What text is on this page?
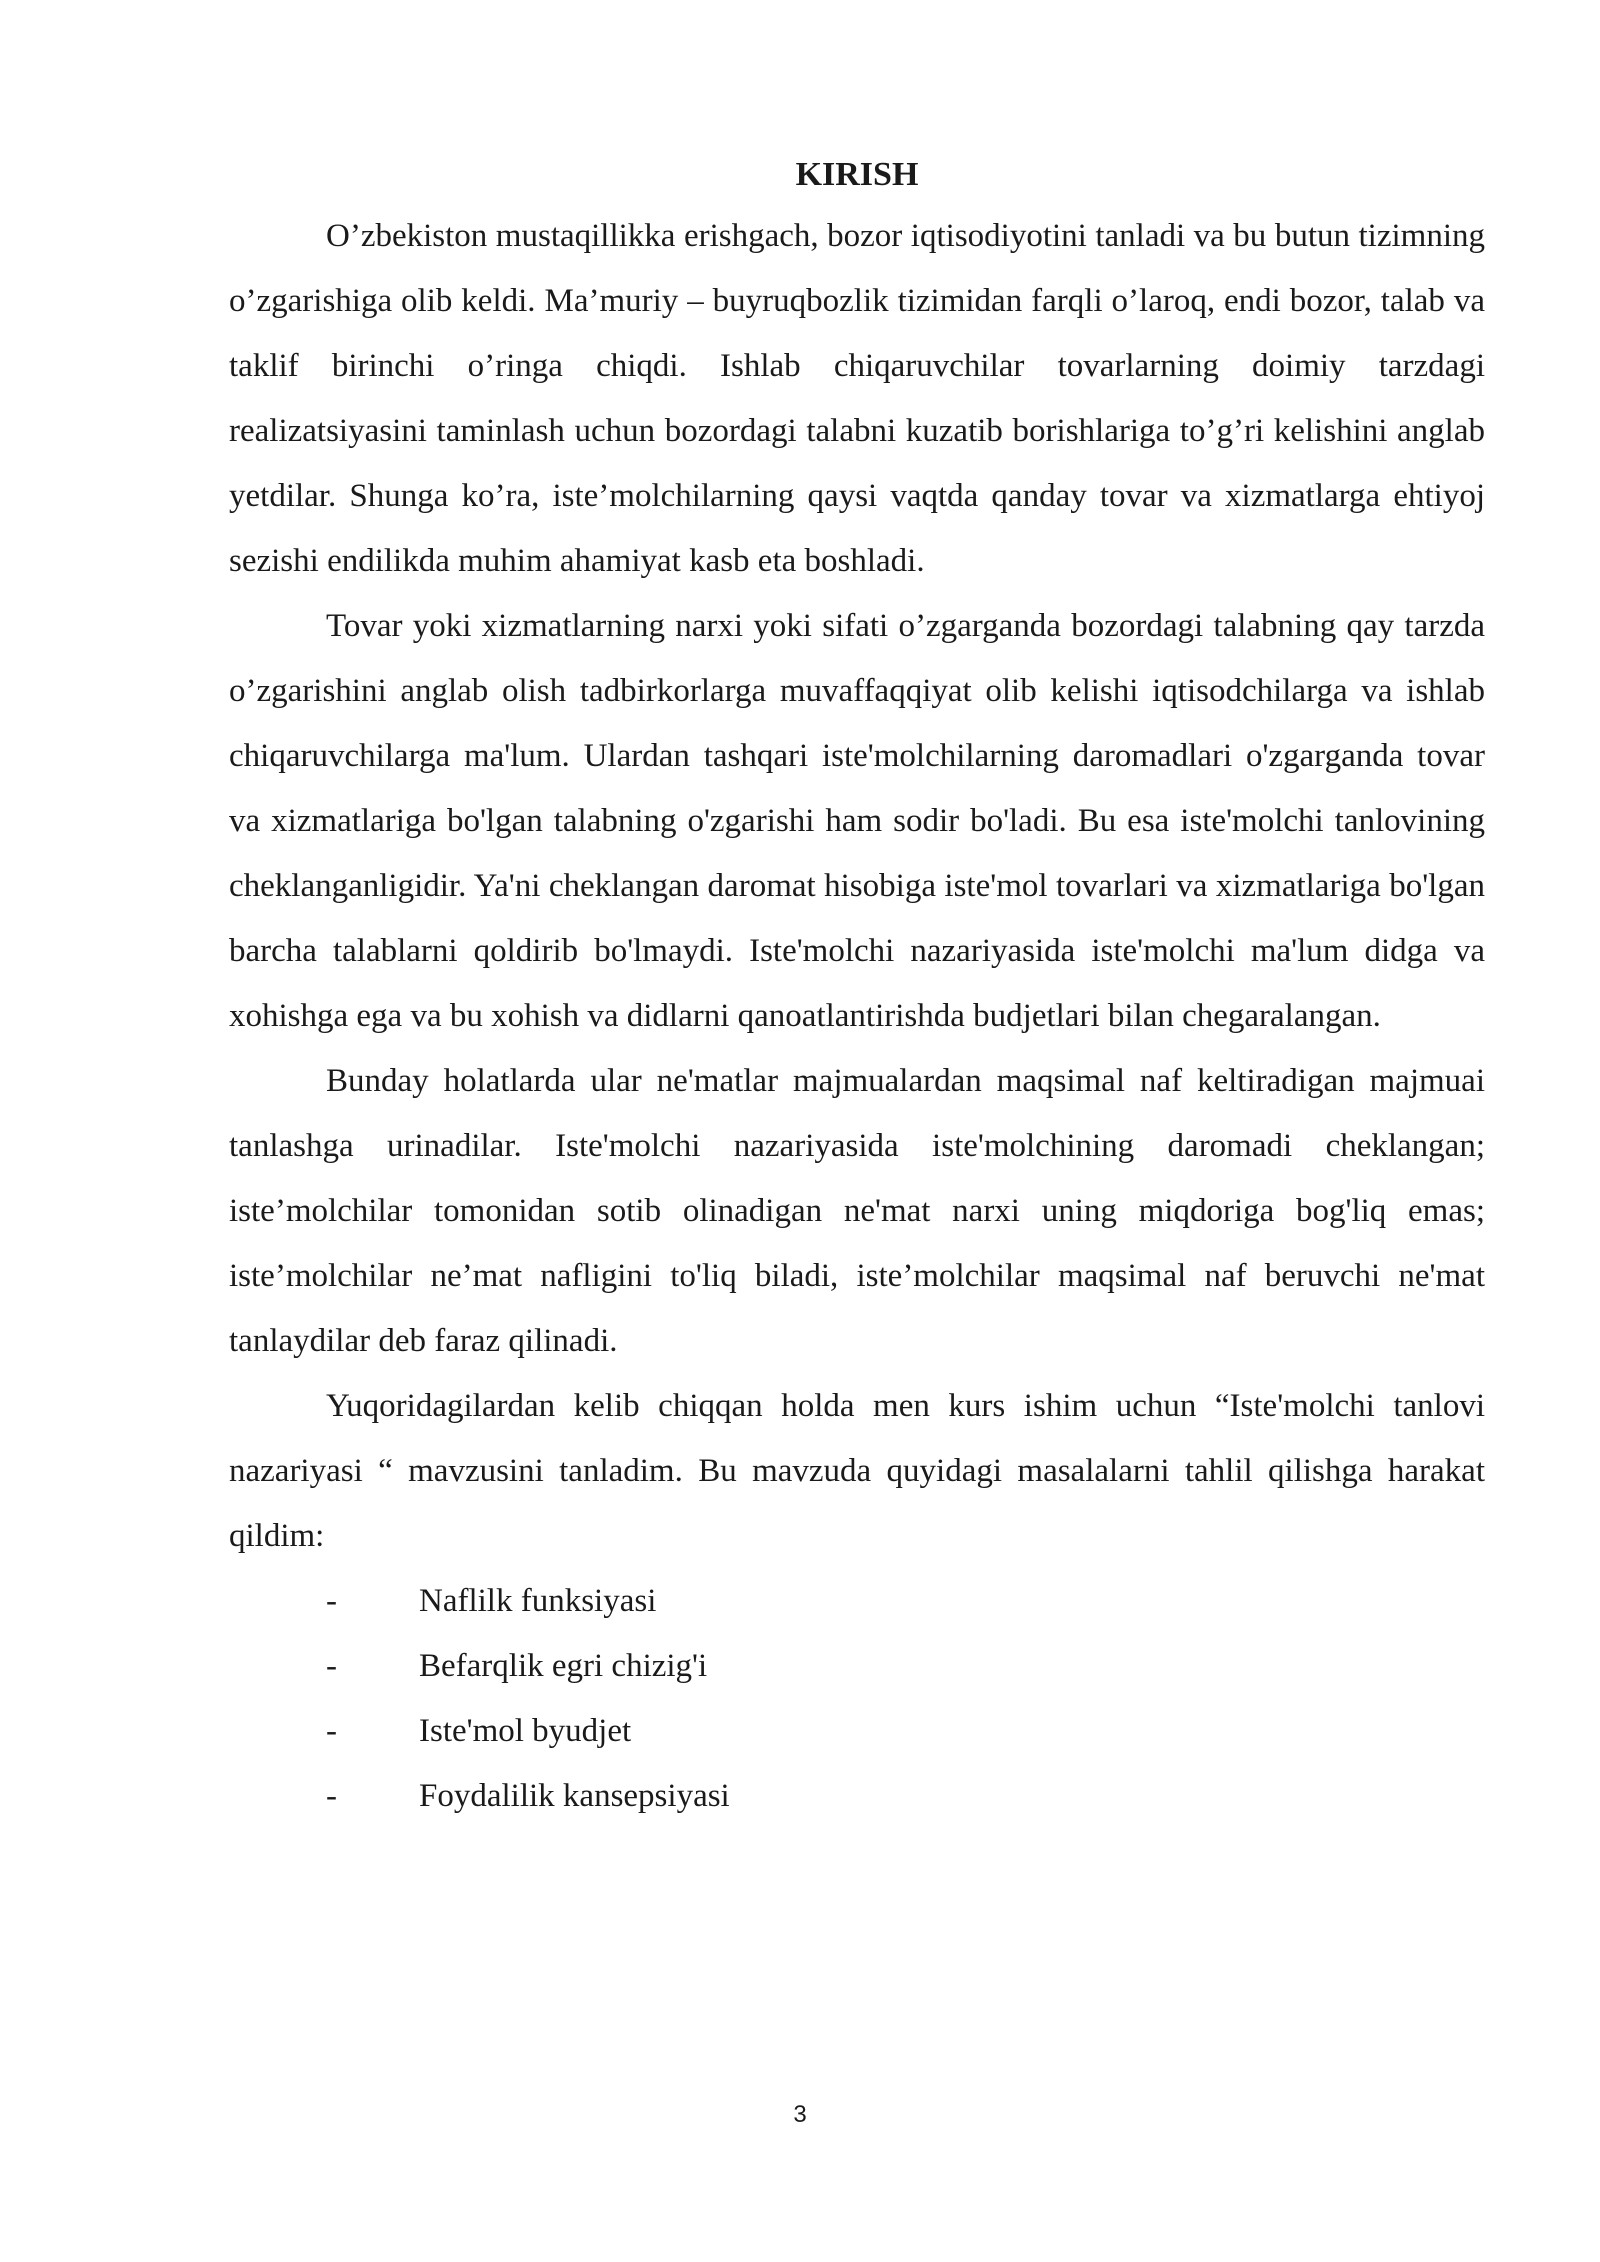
KIRISH

O’zbekiston mustaqillikka erishgach, bozor iqtisodiyotini tanladi va bu butun tizimning o’zgarishiga olib keldi. Ma’muriy – buyruqbozlik tizimidan farqli o’laroq, endi bozor, talab va taklif birinchi o’ringa chiqdi. Ishlab chiqaruvchilar tovarlarning doimiy tarzdagi realizatsiyasini taminlash uchun bozordagi talabni kuzatib borishlariga to’g’ri kelishini anglab yetdilar. Shunga ko’ra, iste’molchilarning qaysi vaqtda qanday tovar va xizmatlarga ehtiyoj sezishi endilikda muhim ahamiyat kasb eta boshladi.

Tovar yoki xizmatlarning narxi yoki sifati o’zgarganda bozordagi talabning qay tarzda o’zgarishini anglab olish tadbirkorlarga muvaffaqqiyat olib kelishi iqtisodchilarga va ishlab chiqaruvchilarga ma'lum. Ulardan tashqari iste'molchilarning daromadlari o'zgarganda tovar va xizmatlariga bo'lgan talabning o'zgarishi ham sodir bo'ladi. Bu esa iste'molchi tanlovining cheklanganligidir. Ya'ni cheklangan daromat hisobiga iste'mol tovarlari va xizmatlariga bo'lgan barcha talablarni qoldirib bo'lmaydi. Iste'molchi nazariyasida iste'molchi ma'lum didga va xohishga ega va bu xohish va didlarni qanoatlantirishda budjetlari bilan chegaralangan.

Bunday holatlarda ular ne'matlar majmualardan maqsimal naf keltiradigan majmuai tanlashga urinadilar. Iste'molchi nazariyasida iste'molchining daromadi cheklangan; iste’molchilar tomonidan sotib olinadigan ne'mat narxi uning miqdoriga bog'liq emas; iste’molchilar ne’mat nafligini to'liq biladi, iste’molchilar maqsimal naf beruvchi ne'mat tanlaydilar deb faraz qilinadi.

Yuqoridagilardan kelib chiqqan holda men kurs ishim uchun “Iste'molchi tanlovi nazariyasi “ mavzusini tanladim. Bu mavzuda quyidagi masalalarni tahlil qilishga harakat qildim:

-	Naflilk funksiyasi
-	Befarqlik egri chizig'i
-	Iste'mol byudjet
-	Foydalilik kansepsiyasi
3
